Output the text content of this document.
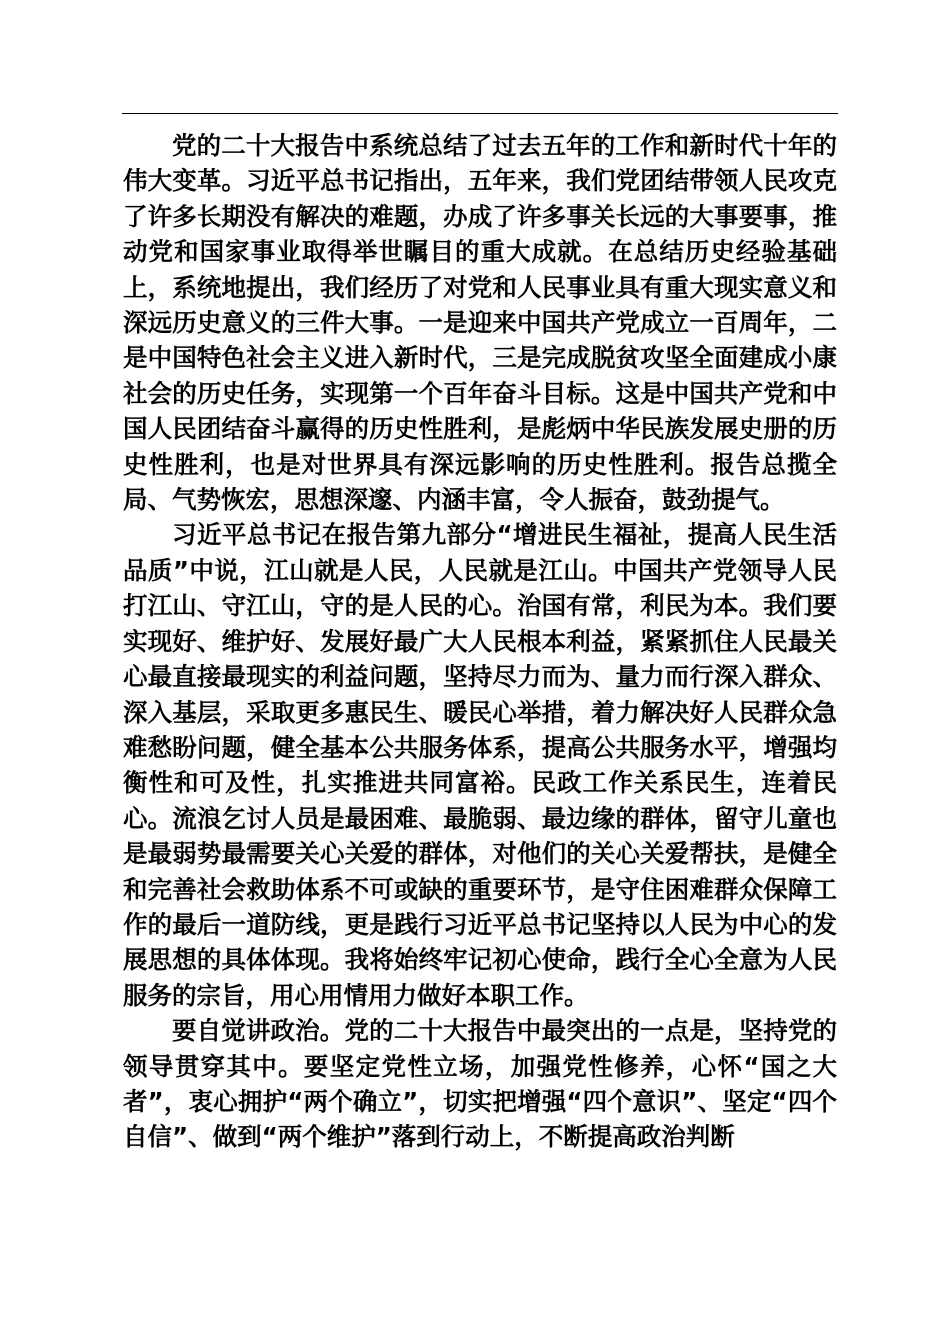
党的二十大报告中系统总结了过去五年的工作和新时代十年的伟大变革。习近平总书记指出，五年来，我们党团结带领人民攻克了许多长期没有解决的难题，办成了许多事关长远的大事要事，推动党和国家事业取得举世瞩目的重大成就。在总结历史经验基础上，系统地提出，我们经历了对党和人民事业具有重大现实意义和深远历史意义的三件大事。一是迎来中国共产党成立一百周年，二是中国特色社会主义进入新时代，三是完成脱贫攻坚全面建成小康社会的历史任务，实现第一个百年奋斗目标。这是中国共产党和中国人民团结奋斗赢得的历史性胜利，是彪炳中华民族发展史册的历史性胜利，也是对世界具有深远影响的历史性胜利。报告总揽全局、气势恢宏，思想深邃、内涵丰富，令人振奋，鼓劲提气。

习近平总书记在报告第九部分“增进民生福祉，提高人民生活品质”中说，江山就是人民，人民就是江山。中国共产党领导人民打江山、守江山，守的是人民的心。治国有常，利民为本。我们要实现好、维护好、发展好最广大人民根本利益，紧紧抓住人民最关心最直接最现实的利益问题，坚持尽力而为、量力而行深入群众、深入基层，采取更多惠民生、暖民心举措，着力解决好人民群众急难愁盼问题，健全基本公共服务体系，提高公共服务水平，增强均衡性和可及性，扎实推进共同富裕。民政工作关系民生，连着民心。流浪乞讨人员是最困难、最脆弱、最边缘的群体，留守儿童也是最弱势最需要关心关爱的群体，对他们的关心关爱帮扶，是健全和完善社会救助体系不可或缺的重要环节，是守住困难群众保障工作的最后一道防线，更是践行习近平总书记坚持以人民为中心的发展思想的具体体现。我将始终牢记初心使命，践行全心全意为人民服务的宗旨，用心用情用力做好本职工作。

要自觉讲政治。党的二十大报告中最突出的一点是，坚持党的领导贯穿其中。要坚定党性立场，加强党性修养，心怀“国之大者”，衷心拥护“两个确立”，切实把增强“四个意识”、坚定“四个自信”、做到“两个维护”落到行动上，不断提高政治判断
